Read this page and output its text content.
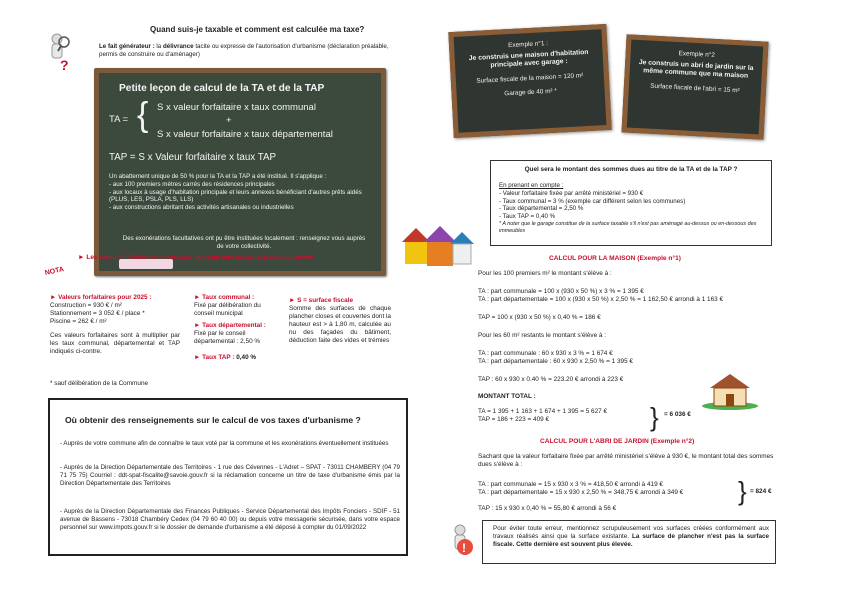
?
Quand suis-je taxable et comment est calculée ma taxe?
Le fait générateur : la délivrance tacite ou expresse de l'autorisation d'urbanisme (déclaration préalable, permis de construire ou d'aménager)
Petite leçon de calcul de la TA et de la TAP
TA = { S x valeur forfaitaire x taux communal
+
S x valeur forfaitaire x taux départemental
TAP = S x Valeur forfaitaire x taux TAP
Un abattement unique de 50 % pour la TA et la TAP a été institué. Il s'applique :
- aux 100 premiers mètres carrés des résidences principales
- aux locaux à usage d'habitation principale et leurs annexes bénéficiant d'autres prêts aidés (PLUS, LES, PSLA, PLS, LLS)
- aux constructions abritant des activités artisanales ou industrielles
Des exonérations facultatives ont pu être instituées localement : renseignez vous auprès de votre collectivité.
NOTA
► Les valeurs forfaitaires et les taux peuvent être actualisés chaque année
► Valeurs forfaitaires pour 2025 :
Construction = 930 € / m²
Stationnement = 3 052 € / place *
Piscine = 262 € / m²
Ces valeurs forfaitaires sont à multiplier par les taux communal, départemental et TAP indiqués ci-contre.
► Taux communal :
Fixé par délibération du conseil municipal
► Taux départemental :
Fixé par le conseil départemental : 2,50 %
► Taux TAP : 0,40 %
► S = surface fiscale
Somme des surfaces de chaque plancher closes et couvertes dont la hauteur est > à 1,80 m, calculée au nu des façades du bâtiment, déduction faite des vides et trémies
* sauf délibération de la Commune
Où obtenir des renseignements sur le calcul de vos taxes d'urbanisme ?
- Auprès de votre commune afin de connaître le taux voté par la commune et les exonérations éventuellement instituées
- Auprès de la Direction Départementale des Territoires - 1 rue des Cévennes - L'Adret – SPAT - 73011 CHAMBERY (04 79 71 75 75) Courriel : ddt-spat-fiscalite@savoie.gouv.fr si la réclamation concerne un titre de taxe d'urbanisme émis par la Direction Départementale des Territoires
- Auprès de la Direction Départementale des Finances Publiques - Service Départemental des Impôts Fonciers - SDIF - 51 avenue de Bassens - 73018 Chambéry Cedex (04 79 60 40 00) ou depuis votre messagerie sécurisée, dans votre espace personnel sur www.impots.gouv.fr si le dossier de demande d'urbanisme a été déposé à compter du 01/09/2022
Exemple n°1 :
Je construis une maison d'habitation principale avec garage :
Surface fiscale de la maison = 120 m²
Garage de 40 m² *
Exemple n°2
Je construis un abri de jardin sur la même commune que ma maison
Surface fiscale de l'abri = 15 m²
Quel sera le montant des sommes dues au titre de la TA et de la TAP ?
En prenant en compte :
- Valeur forfaitaire fixée par arrêté ministériel = 930 €
- Taux communal = 3 % (exemple car différent selon les communes)
- Taux départemental = 2,50 %
- Taux TAP = 0,40 %
* A noter que le garage constitue de la surface taxable s'il n'est pas aménagé au-dessus ou en-dessous des immeubles
CALCUL POUR LA MAISON (Exemple n°1)
Pour les 100 premiers m² le montant s'élève à :
TA : part communale = 100 x (930 x 50 %) x 3 % = 1 395 €
TA : part départementale = 100 x (930 x 50 %) x 2,50 % = 1 162,50 € arrondi à 1 163 €
TAP = 100 x (930 x 50 %) x 0,40 % = 186 €
Pour les 60 m² restants le montant s'élève à :
TA : part communale : 60 x 930 x 3 % = 1 674 €
TA : part départementale : 60 x 930 x 2,50 % = 1 395 €
TAP : 60 x 930 x 0.40 % = 223.20 € arrondi à 223 €
MONTANT TOTAL :
TA = 1 395 + 1 163 + 1 674 + 1 395 = 5 627 €
TAP = 186 + 223 = 409 €	} = 6 036 €
CALCUL POUR L'ABRI DE JARDIN (Exemple n°2)
Sachant que la valeur forfaitaire fixée par arrêté ministériel s'élève à 930 €, le montant total des sommes dues s'élève à :
TA : part communale = 15 x 930 x 3 % = 418,50 € arrondi à 419 €
TA : part départementale = 15 x 930 x 2,50 % = 348,75 € arrondi à 349 € } = 824 €
TAP : 15 x 930 x 0,40 % = 55,80 € arrondi à 56 €
!
Pour éviter toute erreur, mentionnez scrupuleusement vos surfaces créées conformément aux travaux réalisés ainsi que la surface existante. La surface de plancher n'est pas la surface fiscale. Cette dernière est souvent plus élevée.
